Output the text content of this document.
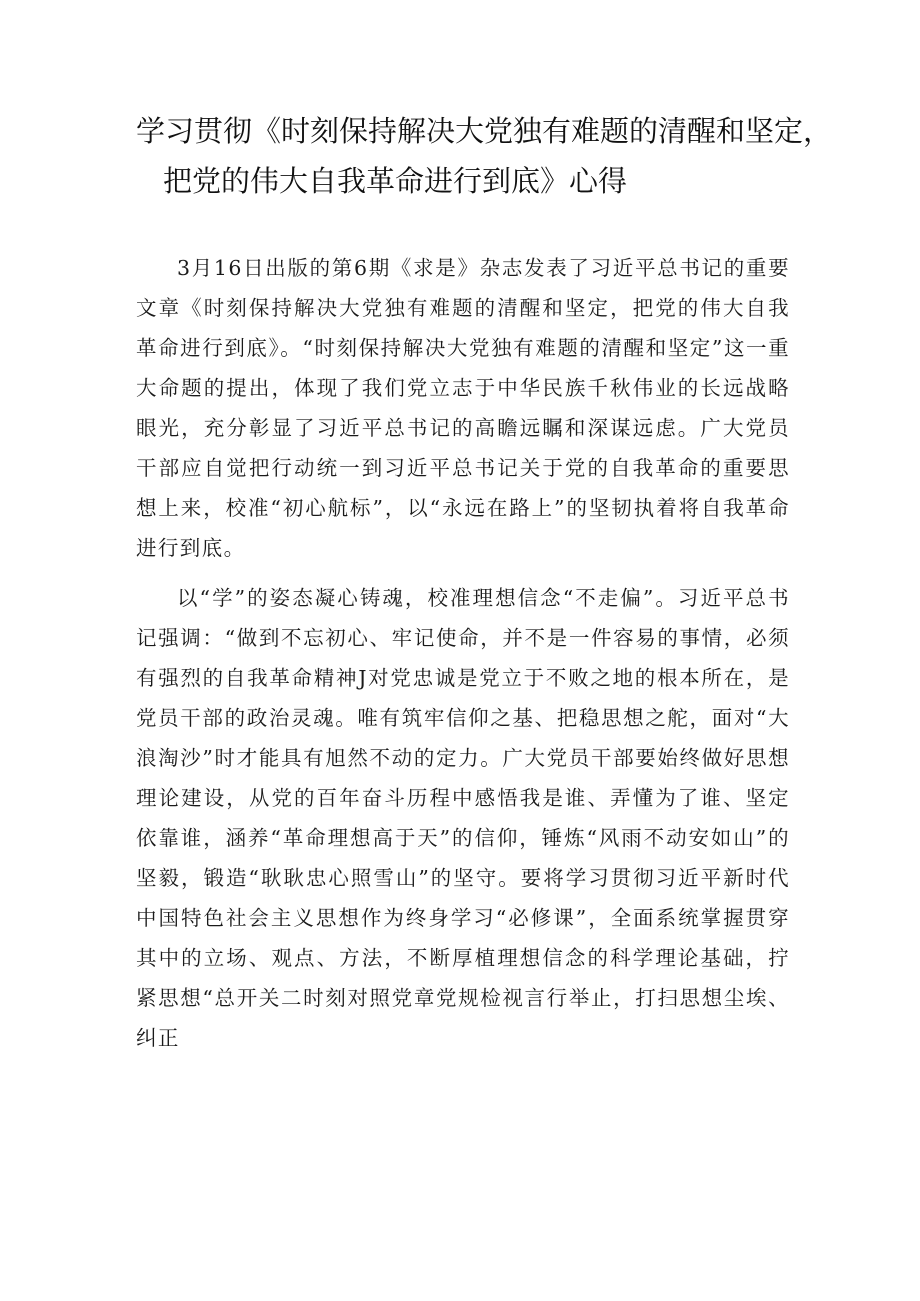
学习贯彻《时刻保持解决大党独有难题的清醒和坚定，
把党的伟大自我革命进行到底》心得

3月16日出版的第6期《求是》杂志发表了习近平总书记的重要文章《时刻保持解决大党独有难题的清醒和坚定，把党的伟大自我革命进行到底》。“时刻保持解决大党独有难题的清醒和坚定”这一重大命题的提出，体现了我们党立志于中华民族千秋伟业的长远战略眼光，充分彰显了习近平总书记的高瞻远瞩和深谋远虑。广大党员干部应自觉把行动统一到习近平总书记关于党的自我革命的重要思想上来，校准“初心航标”，以“永远在路上”的坚韧执着将自我革命进行到底。

以“学”的姿态凝心铸魂，校准理想信念“不走偏”。习近平总书记强调：“做到不忘初心、牢记使命，并不是一件容易的事情，必须有强烈的自我革命精神J对党忠诚是党立于不败之地的根本所在，是党员干部的政治灵魂。唯有筑牢信仰之基、把稳思想之舵，面对“大浪淘沙”时才能具有旭然不动的定力。广大党员干部要始终做好思想理论建设，从党的百年奋斗历程中感悟我是谁、弄懂为了谁、坚定依靠谁，涵养“革命理想高于天”的信仰，锤炼“风雨不动安如山”的坚毅，锻造“耿耿忠心照雪山”的坚守。要将学习贯彻习近平新时代中国特色社会主义思想作为终身学习“必修课”，全面系统掌握贯穿其中的立场、观点、方法，不断厚植理想信念的科学理论基础，拧紧思想“总开关二时刻对照党章党规检视言行举止，打扫思想尘埃、纠正
